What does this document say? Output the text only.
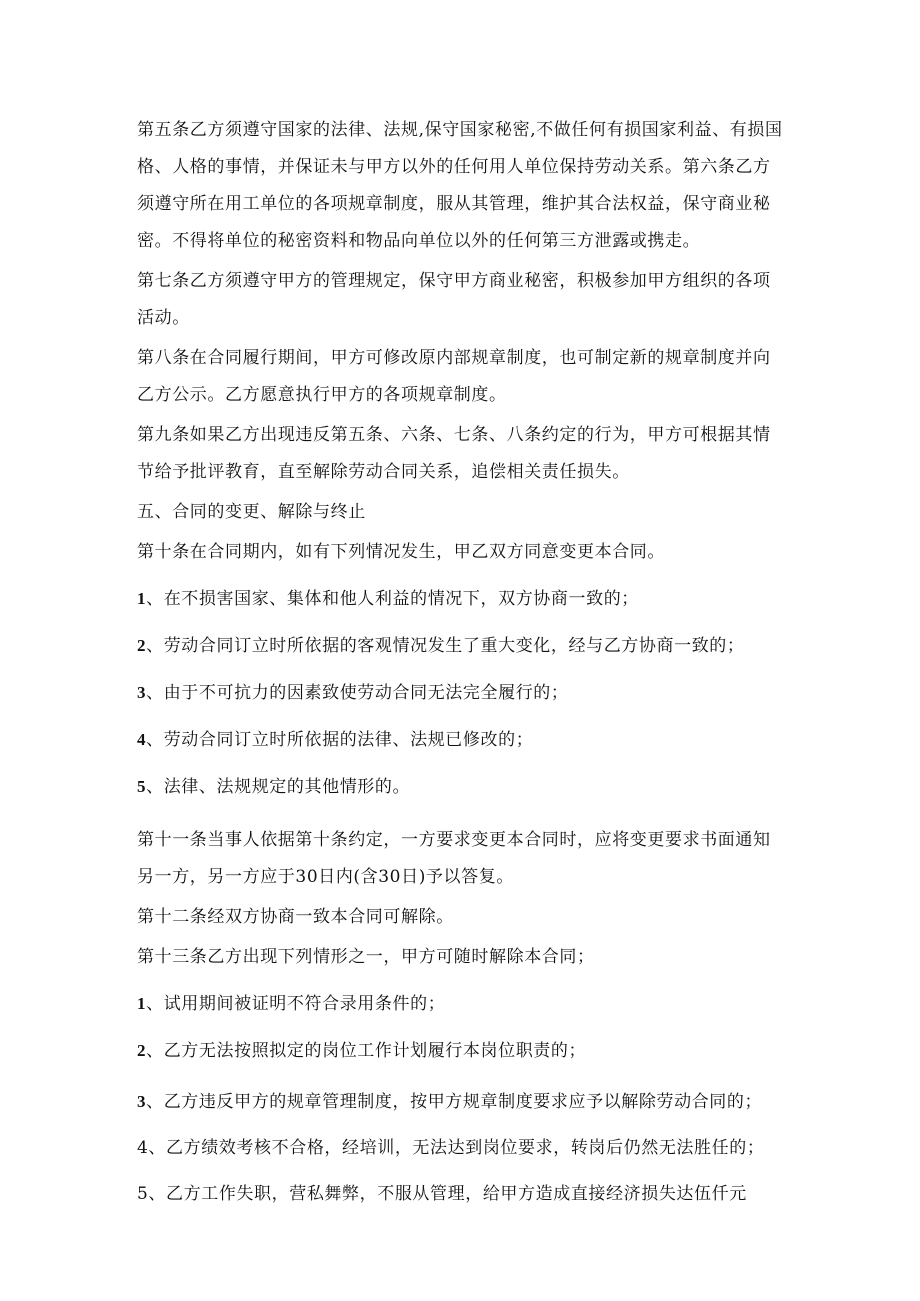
第五条乙方须遵守国家的法律、法规,保守国家秘密,不做任何有损国家利益、有损国格、人格的事情，并保证未与甲方以外的任何用人单位保持劳动关系。第六条乙方须遵守所在用工单位的各项规章制度，服从其管理，维护其合法权益，保守商业秘密。不得将单位的秘密资料和物品向单位以外的任何第三方泄露或携走。

第七条乙方须遵守甲方的管理规定，保守甲方商业秘密，积极参加甲方组织的各项活动。

第八条在合同履行期间，甲方可修改原内部规章制度，也可制定新的规章制度并向乙方公示。乙方愿意执行甲方的各项规章制度。

第九条如果乙方出现违反第五条、六条、七条、八条约定的行为，甲方可根据其情节给予批评教育，直至解除劳动合同关系，追偿相关责任损失。

五、合同的变更、解除与终止

第十条在合同期内，如有下列情况发生，甲乙双方同意变更本合同。

1、在不损害国家、集体和他人利益的情况下，双方协商一致的；

2、劳动合同订立时所依据的客观情况发生了重大变化，经与乙方协商一致的；

3、由于不可抗力的因素致使劳动合同无法完全履行的；

4、劳动合同订立时所依据的法律、法规已修改的；

5、法律、法规规定的其他情形的。

第十一条当事人依据第十条约定，一方要求变更本合同时，应将变更要求书面通知另一方，另一方应于30日内(含30日)予以答复。

第十二条经双方协商一致本合同可解除。

第十三条乙方出现下列情形之一，甲方可随时解除本合同；

1、试用期间被证明不符合录用条件的；

2、乙方无法按照拟定的岗位工作计划履行本岗位职责的；

3、乙方违反甲方的规章管理制度，按甲方规章制度要求应予以解除劳动合同的；4、乙方绩效考核不合格，经培训，无法达到岗位要求，转岗后仍然无法胜任的；5、乙方工作失职，营私舞弊，不服从管理，给甲方造成直接经济损失达伍仟元
